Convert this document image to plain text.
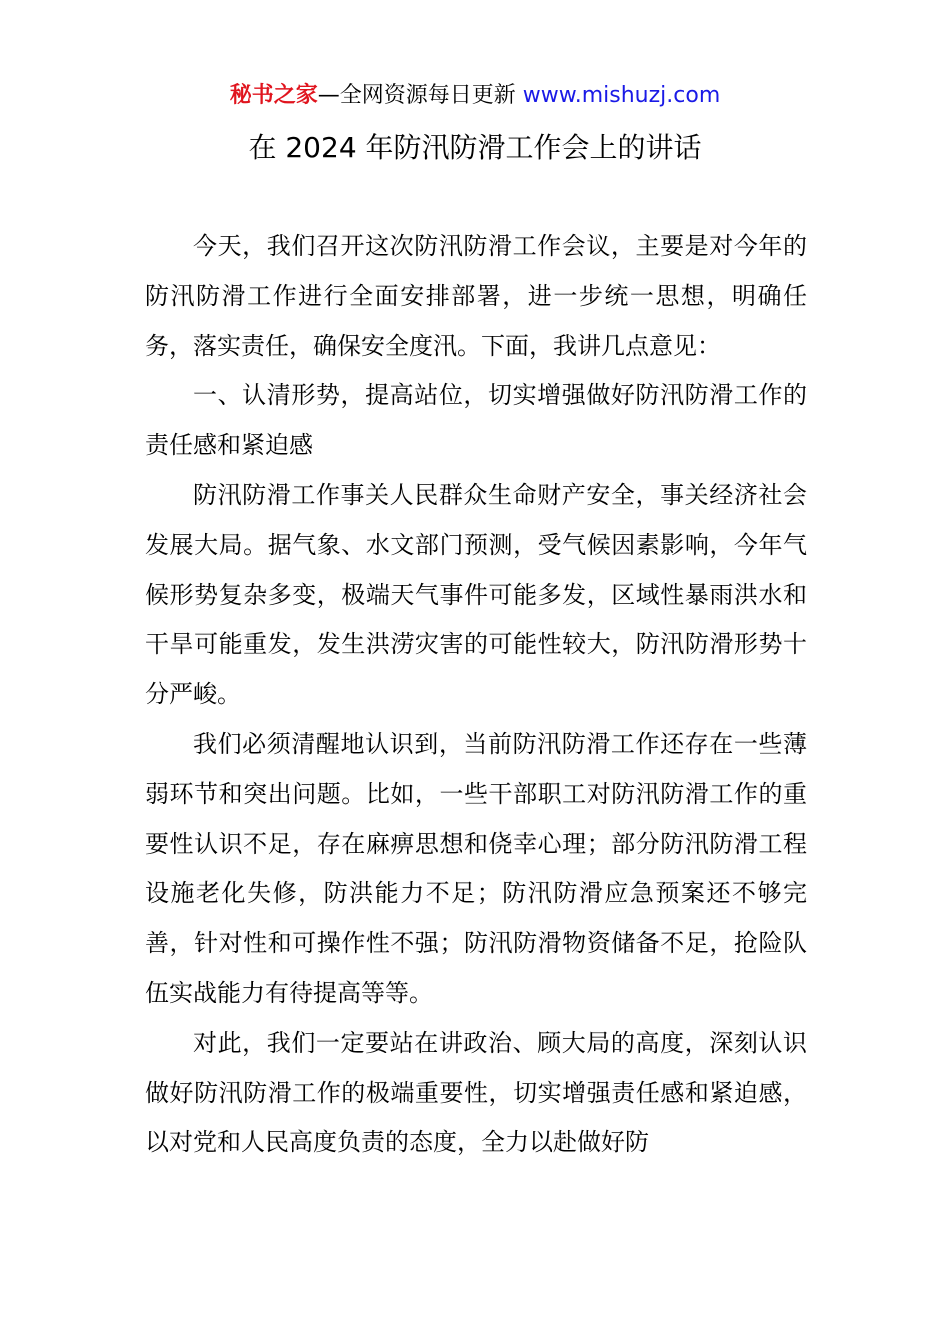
秘书之家—全网资源每日更新 www.mishuzj.com
在 2024 年防汛防滑工作会上的讲话

今天，我们召开这次防汛防滑工作会议，主要是对今年的防汛防滑工作进行全面安排部署，进一步统一思想，明确任务，落实责任，确保安全度汛。下面，我讲几点意见：

一、认清形势，提高站位，切实增强做好防汛防滑工作的责任感和紧迫感

防汛防滑工作事关人民群众生命财产安全，事关经济社会发展大局。据气象、水文部门预测，受气候因素影响，今年气候形势复杂多变，极端天气事件可能多发，区域性暴雨洪水和干旱可能重发，发生洪涝灾害的可能性较大，防汛防滑形势十分严峻。

我们必须清醒地认识到，当前防汛防滑工作还存在一些薄弱环节和突出问题。比如，一些干部职工对防汛防滑工作的重要性认识不足，存在麻痹思想和侥幸心理；部分防汛防滑工程设施老化失修，防洪能力不足；防汛防滑应急预案还不够完善，针对性和可操作性不强；防汛防滑物资储备不足，抢险队伍实战能力有待提高等等。

对此，我们一定要站在讲政治、顾大局的高度，深刻认识做好防汛防滑工作的极端重要性，切实增强责任感和紧迫感，以对党和人民高度负责的态度，全力以赴做好防
